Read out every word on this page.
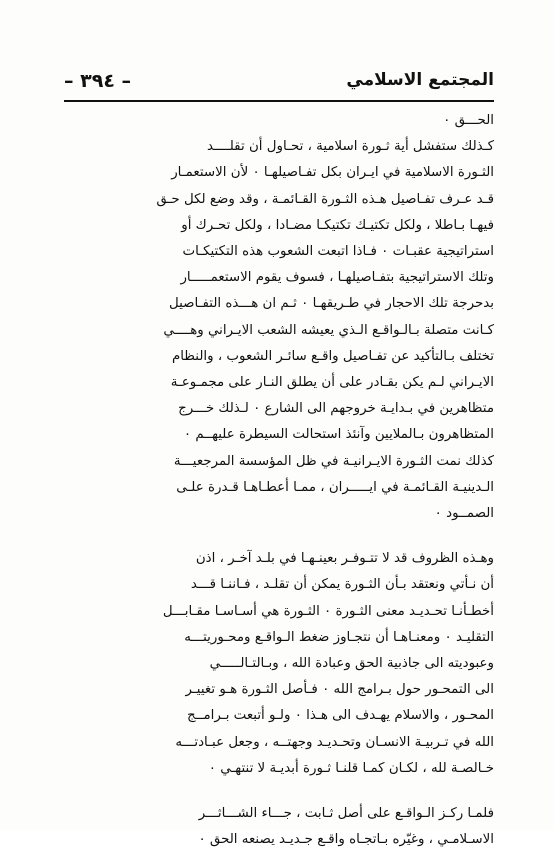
المجتمع الاسلامي
– ٣٩٤ –
الحـــق ٠
كـذلك ستفشل أية ثـورة اسلامية ، تحـاول أن تقلــــد
الثـورة الاسلامية في ايـران بكل تفـاصيلهـا ٠ لأن الاستعمـار
قـد عـرف تفـاصيل هـذه الثـورة القـائمـة ، وقد وضع لكل حـق
فيهـا بـاطلا ، ولكل تكتيـك تكتيكـا مضـادا ، ولكل تحـرك أو
استراتيجية عقبـات ٠ فـاذا اتبعت الشعوب هذه التكتيكـات
وتلك الاستراتيجية بتفـاصيلهـا ، فسوف يقوم الاستعمـــــار
بدحرجة تلك الاحجار في طـريقهـا ٠ ثـم ان هـــذه التفـاصيل
كـانت متصلة بـالـواقـع الـذي يعيشه الشعب الايـراني وهــــي
تختلف بـالتأكيد عن تفـاصيل واقـع سائـر الشعوب ، والنظام
الايـراني لـم يكن بقـادر على أن يطلق النـار على مجمـوعـة
متظاهرين في بـدايـة خروجهم الى الشارع ٠ لـذلك خـــرج
المتظاهرون بـالملايين وآنئذ استحالت السيطرة عليهــم ٠
كذلك نمت الثـورة الايـرانيـة في ظل المؤسسة المرجعيـــة
الـدينيـة القـائمـة في ايـــــران ، ممـا أعطـاهـا قـدرة علـى
الصمــود ٠
وهـذه الظروف قد لا تتـوفـر بعينـهـا في بلـد آخـر ، اذن
أن نـأتي ونعتقد بـأن الثـورة يمكن أن تقلـد ، فـاننـا قـــد
أخطـأنـا تحـديـد معنى الثـورة ٠ الثـورة هي أسـاسـا مقـابـــل
التقليـد ٠ ومعنـاهـا أن نتجـاوز ضغط الـواقـع ومحـوريتـــه
وعبوديته الى جاذبية الحق وعبادة الله ، وبـالتـالـــــي
الى التمحـور حول بـرامج الله ٠ فـأصل الثـورة هـو تغييـر
المحـور ، والاسلام يهـدف الى هـذا ٠ ولـو أتبعت بـرامــج
الله في تـربيـة الانسـان وتحـديـد وجهتــه ، وجعل عبـادتـــه
خـالصـة لله ، لكـان كمـا قلنـا ثـورة أبديـة لا تنتهـي ٠
فلمـا ركـز الـواقـع على أصل ثـابت ، جـــاء الشـــاثـــر
الاسـلامـي ، وغيّره بـاتجـاه واقـع جـديـد يصنعه الحق ٠
